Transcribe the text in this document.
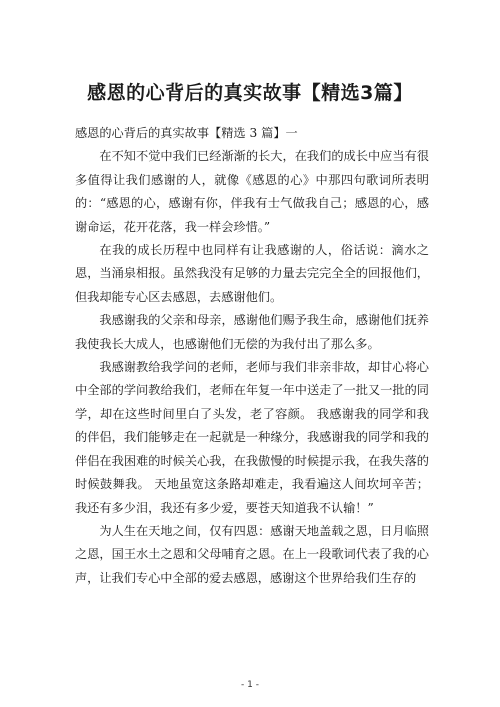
感恩的心背后的真实故事【精选3篇】

感恩的心背后的真实故事【精选 3 篇】一

在不知不觉中我们已经渐渐的长大，在我们的成长中应当有很多值得让我们感谢的人，就像《感恩的心》中那四句歌词所表明的：“感恩的心，感谢有你，伴我有士气做我自己；感恩的心，感谢命运，花开花落，我一样会珍惜。”

在我的成长历程中也同样有让我感谢的人，俗话说：滴水之恩，当涌泉相报。虽然我没有足够的力量去完完全全的回报他们，但我却能专心区去感恩，去感谢他们。

我感谢我的父亲和母亲，感谢他们赐予我生命，感谢他们抚养我使我长大成人，也感谢他们无偿的为我付出了那么多。

我感谢教给我学问的老师，老师与我们非亲非故，却甘心将心中全部的学问教给我们，老师在年复一年中送走了一批又一批的同学，却在这些时间里白了头发，老了容颜。 我感谢我的同学和我的伴侣，我们能够走在一起就是一种缘分，我感谢我的同学和我的伴侣在我困难的时候关心我，在我傲慢的时候提示我，在我失落的时候鼓舞我。 天地虽宽这条路却难走，我看遍这人间坎坷辛苦；我还有多少泪，我还有多少爱，要苍天知道我不认输！”

为人生在天地之间，仅有四恩：感谢天地盖载之恩，日月临照之恩，国王水土之恩和父母哺育之恩。在上一段歌词代表了我的心声，让我们专心中全部的爱去感恩，感谢这个世界给我们生存的

- 1 -
